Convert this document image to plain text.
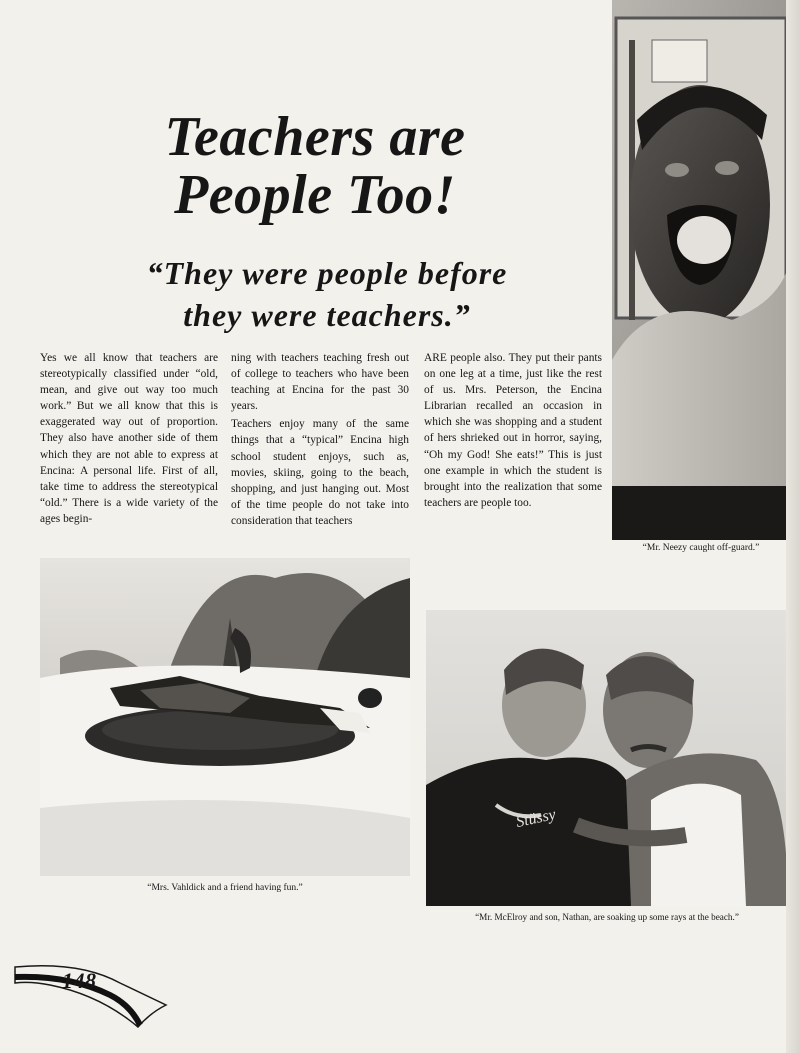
Teachers are
People Too!
“They were people before
they were teachers.”

Yes we all know that teachers are stereotypically classified under “old, mean, and give out way too much work.” But we all know that this is exaggerated way out of proportion. They also have another side of them which they are not able to express at Encina: A personal life. First of all, take time to address the stereotypical “old.” There is a wide variety of the ages begin-

ning with teachers teaching fresh out of college to teachers who have been teaching at Encina for the past 30 years.

Teachers enjoy many of the same things that a “typical” Encina high school student enjoys, such as, movies, skiing, going to the beach, shopping, and just hanging out. Most of the time people do not take into consideration that teachers

ARE people also. They put their pants on one leg at a time, just like the rest of us. Mrs. Peterson, the Encina Librarian recalled an occasion in which she was shopping and a student of hers shrieked out in horror, saying, “Oh my God! She eats!” This is just one example in which the student is brought into the realization that some teachers are people too.

“Mr. Neezy caught off-guard.”
“Mrs. Vahldick and a friend having fun.”
Stüssy
“Mr. McElroy and son, Nathan, are soaking up some rays at the beach.”
148
